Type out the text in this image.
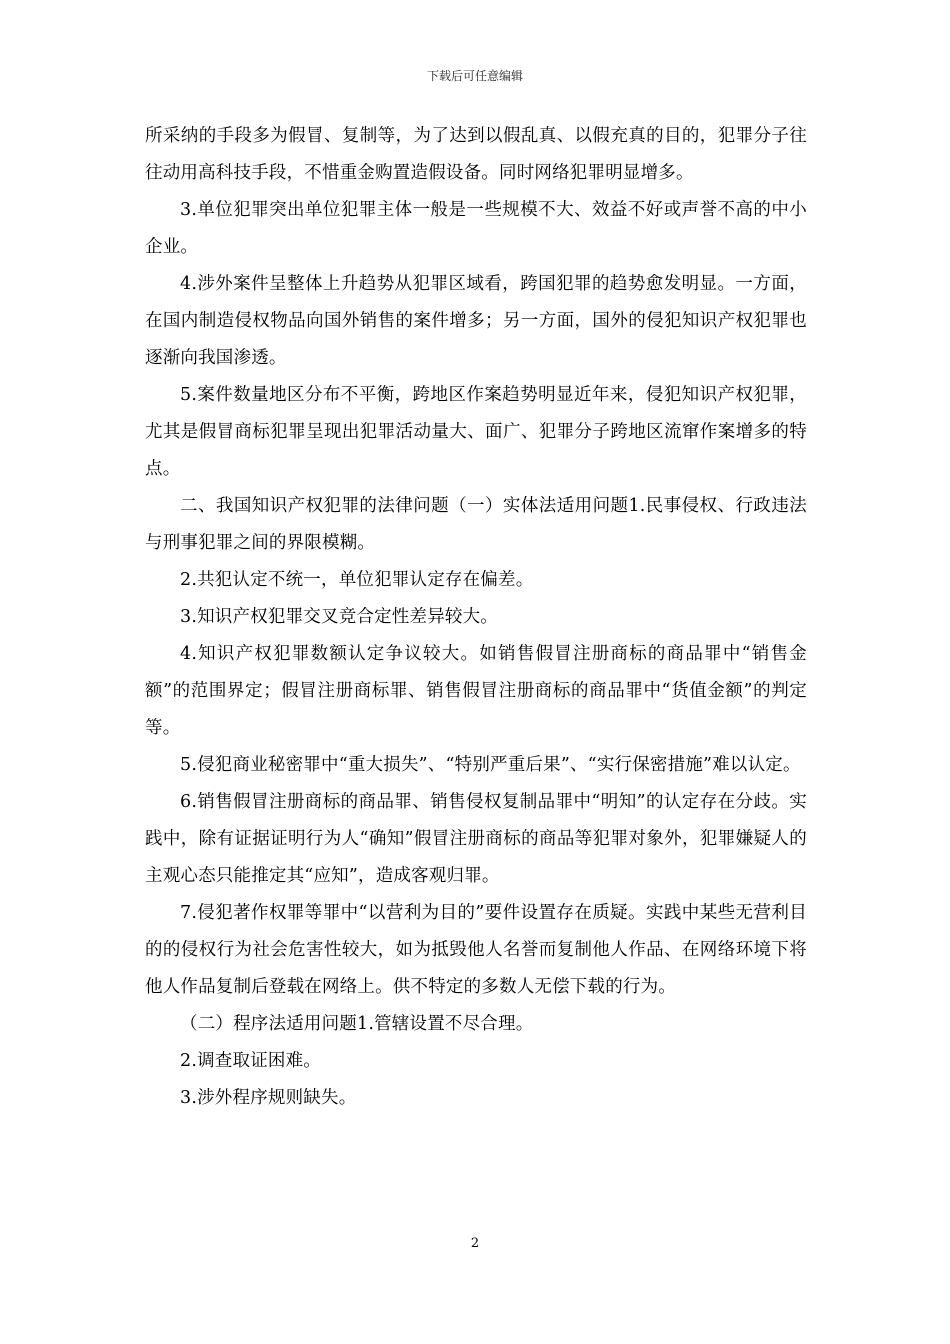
下载后可任意编辑

所采纳的手段多为假冒、复制等，为了达到以假乱真、以假充真的目的，犯罪分子往往动用高科技手段，不惜重金购置造假设备。同时网络犯罪明显增多。

3.单位犯罪突出单位犯罪主体一般是一些规模不大、效益不好或声誉不高的中小企业。

4.涉外案件呈整体上升趋势从犯罪区域看，跨国犯罪的趋势愈发明显。一方面，在国内制造侵权物品向国外销售的案件增多；另一方面，国外的侵犯知识产权犯罪也逐渐向我国渗透。

5.案件数量地区分布不平衡，跨地区作案趋势明显近年来，侵犯知识产权犯罪，尤其是假冒商标犯罪呈现出犯罪活动量大、面广、犯罪分子跨地区流窜作案增多的特点。

二、我国知识产权犯罪的法律问题（一）实体法适用问题1.民事侵权、行政违法与刑事犯罪之间的界限模糊。

2.共犯认定不统一，单位犯罪认定存在偏差。

3.知识产权犯罪交叉竞合定性差异较大。

4.知识产权犯罪数额认定争议较大。如销售假冒注册商标的商品罪中“销售金额”的范围界定；假冒注册商标罪、销售假冒注册商标的商品罪中“货值金额”的判定等。

5.侵犯商业秘密罪中“重大损失”、“特别严重后果”、“实行保密措施”难以认定。

6.销售假冒注册商标的商品罪、销售侵权复制品罪中“明知”的认定存在分歧。实践中，除有证据证明行为人“确知”假冒注册商标的商品等犯罪对象外，犯罪嫌疑人的主观心态只能推定其“应知”，造成客观归罪。

7.侵犯著作权罪等罪中“以营利为目的”要件设置存在质疑。实践中某些无营利目的的侵权行为社会危害性较大，如为抵毁他人名誉而复制他人作品、在网络环境下将他人作品复制后登载在网络上。供不特定的多数人无偿下载的行为。

（二）程序法适用问题1.管辖设置不尽合理。

2.调查取证困难。

3.涉外程序规则缺失。

2
